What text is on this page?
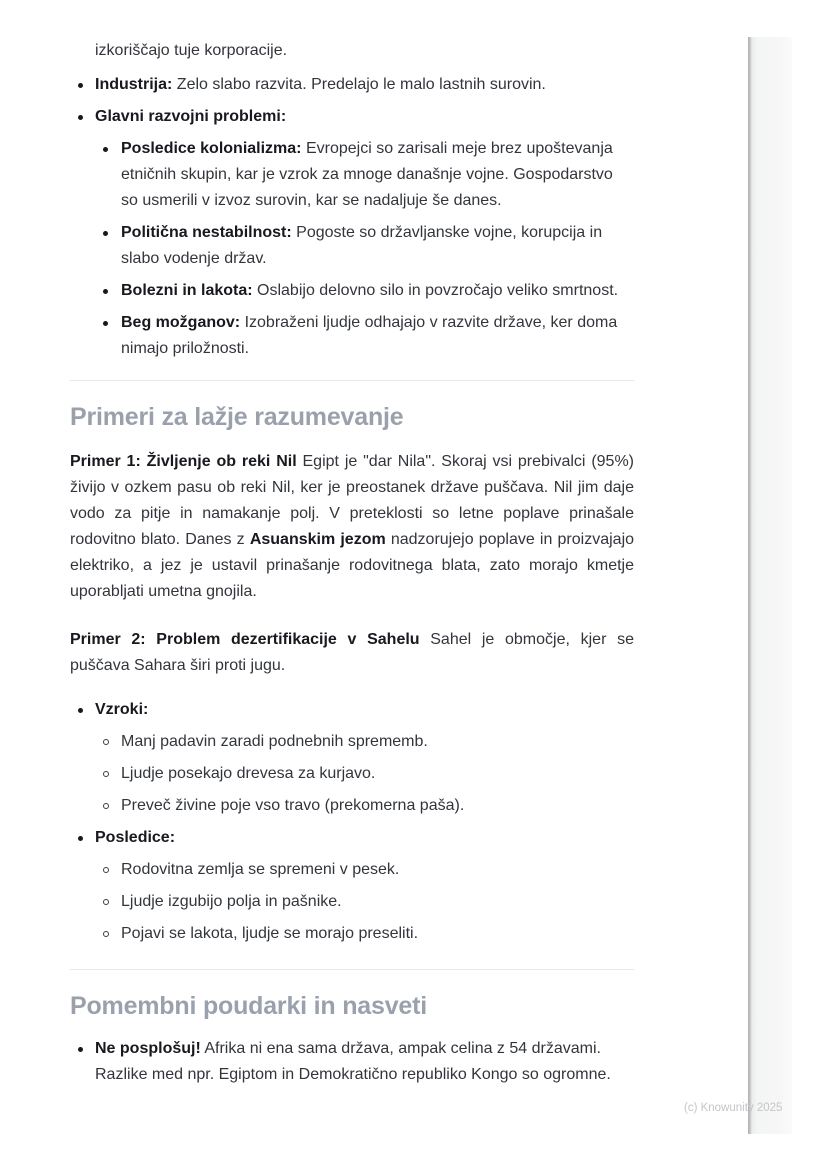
izkoriščajo tuje korporacije.

Industrija: Zelo slabo razvita. Predelajo le malo lastnih surovin.
Glavni razvojni problemi:
Posledice kolonializma: Evropejci so zarisali meje brez upoštevanja etničnih skupin, kar je vzrok za mnoge današnje vojne. Gospodarstvo so usmerili v izvoz surovin, kar se nadaljuje še danes.
Politična nestabilnost: Pogoste so državljanske vojne, korupcija in slabo vodenje držav.
Bolezni in lakota: Oslabijo delovno silo in povzročajo veliko smrtnost.
Beg možganov: Izobraženi ljudje odhajajo v razvite države, ker doma nimajo priložnosti.
Primeri za lažje razumevanje

Primer 1: Življenje ob reki Nil Egipt je "dar Nila". Skoraj vsi prebivalci (95%) živijo v ozkem pasu ob reki Nil, ker je preostanek države puščava. Nil jim daje vodo za pitje in namakanje polj. V preteklosti so letne poplave prinašale rodovitno blato. Danes z Asuanskim jezom nadzorujejo poplave in proizvajajo elektriko, a jez je ustavil prinašanje rodovitnega blata, zato morajo kmetje uporabljati umetna gnojila.

Primer 2: Problem dezertifikacije v Sahelu Sahel je območje, kjer se puščava Sahara širi proti jugu.

Vzroki:
Manj padavin zaradi podnebnih sprememb.
Ljudje posekajo drevesa za kurjavo.
Preveč živine poje vso travo (prekomerna paša).
Posledice:
Rodovitna zemlja se spremeni v pesek.
Ljudje izgubijo polja in pašnike.
Pojavi se lakota, ljudje se morajo preseliti.
Pomembni poudarki in nasveti
Ne posplošuj! Afrika ni ena sama država, ampak celina z 54 državami. Razlike med npr. Egiptom in Demokratično republiko Kongo so ogromne.
(c) Knowunity 2025
